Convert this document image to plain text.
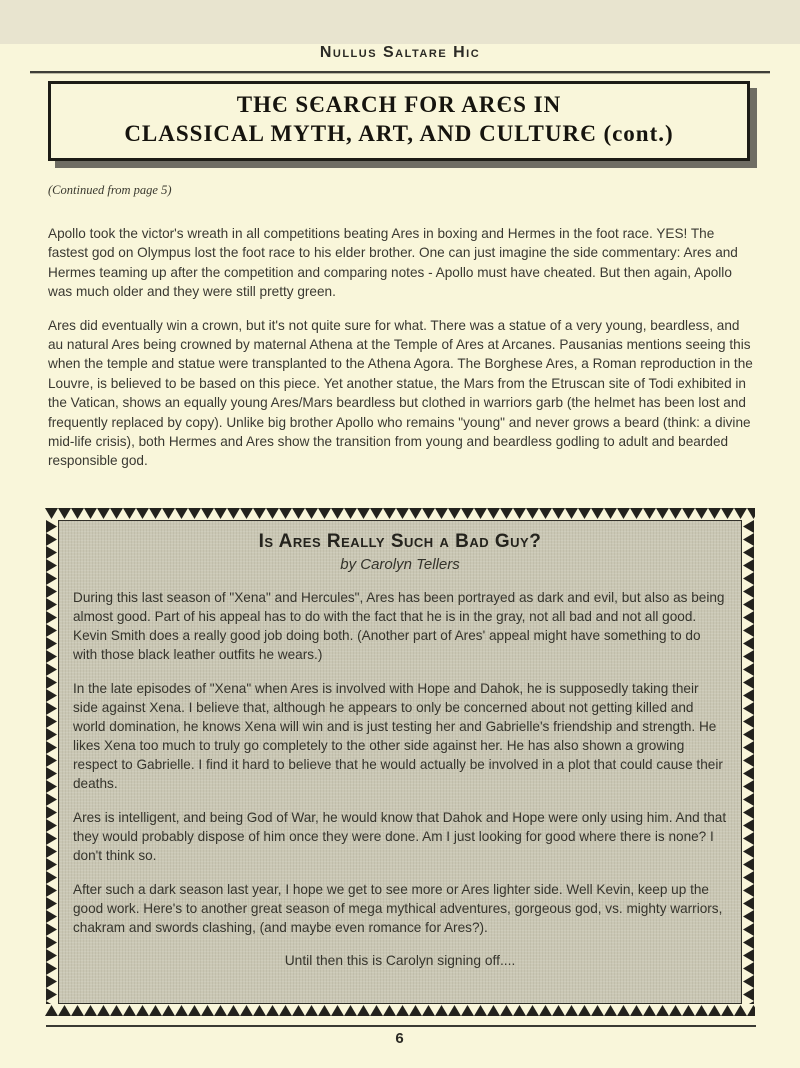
Nullus Saltare Hic
THЄ SЄARCH FOR ARЄS IN
CLASSICAL MYTH, ART, AND CULTURЄ (cont.)
(Continued from page 5)

Apollo took the victor's wreath in all competitions beating Ares in boxing and Hermes in the foot race. YES! The fastest god on Olympus lost the foot race to his elder brother. One can just imagine the side commentary: Ares and Hermes teaming up after the competition and comparing notes - Apollo must have cheated. But then again, Apollo was much older and they were still pretty green.

Ares did eventually win a crown, but it's not quite sure for what. There was a statue of a very young, beardless, and au natural Ares being crowned by maternal Athena at the Temple of Ares at Arcanes. Pausanias mentions seeing this when the temple and statue were transplanted to the Athena Agora. The Borghese Ares, a Roman reproduction in the Louvre, is believed to be based on this piece. Yet another statue, the Mars from the Etruscan site of Todi exhibited in the Vatican, shows an equally young Ares/Mars beardless but clothed in warriors garb (the helmet has been lost and frequently replaced by copy). Unlike big brother Apollo who remains "young" and never grows a beard (think: a divine mid-life crisis), both Hermes and Ares show the transition from young and beardless godling to adult and bearded responsible god.

Is Ares Really Such a Bad Guy?
by Carolyn Tellers

During this last season of "Xena" and Hercules", Ares has been portrayed as dark and evil, but also as being almost good. Part of his appeal has to do with the fact that he is in the gray, not all bad and not all good. Kevin Smith does a really good job doing both. (Another part of Ares' appeal might have something to do with those black leather outfits he wears.)

In the late episodes of "Xena" when Ares is involved with Hope and Dahok, he is supposedly taking their side against Xena. I believe that, although he appears to only be concerned about not getting killed and world domination, he knows Xena will win and is just testing her and Gabrielle's friendship and strength. He likes Xena too much to truly go completely to the other side against her. He has also shown a growing respect to Gabrielle. I find it hard to believe that he would actually be involved in a plot that could cause their deaths.

Ares is intelligent, and being God of War, he would know that Dahok and Hope were only using him. And that they would probably dispose of him once they were done. Am I just looking for good where there is none? I don't think so.

After such a dark season last year, I hope we get to see more or Ares lighter side. Well Kevin, keep up the good work. Here's to another great season of mega mythical adventures, gorgeous god, vs. mighty warriors, chakram and swords clashing, (and maybe even romance for Ares?).

Until then this is Carolyn signing off....
6
